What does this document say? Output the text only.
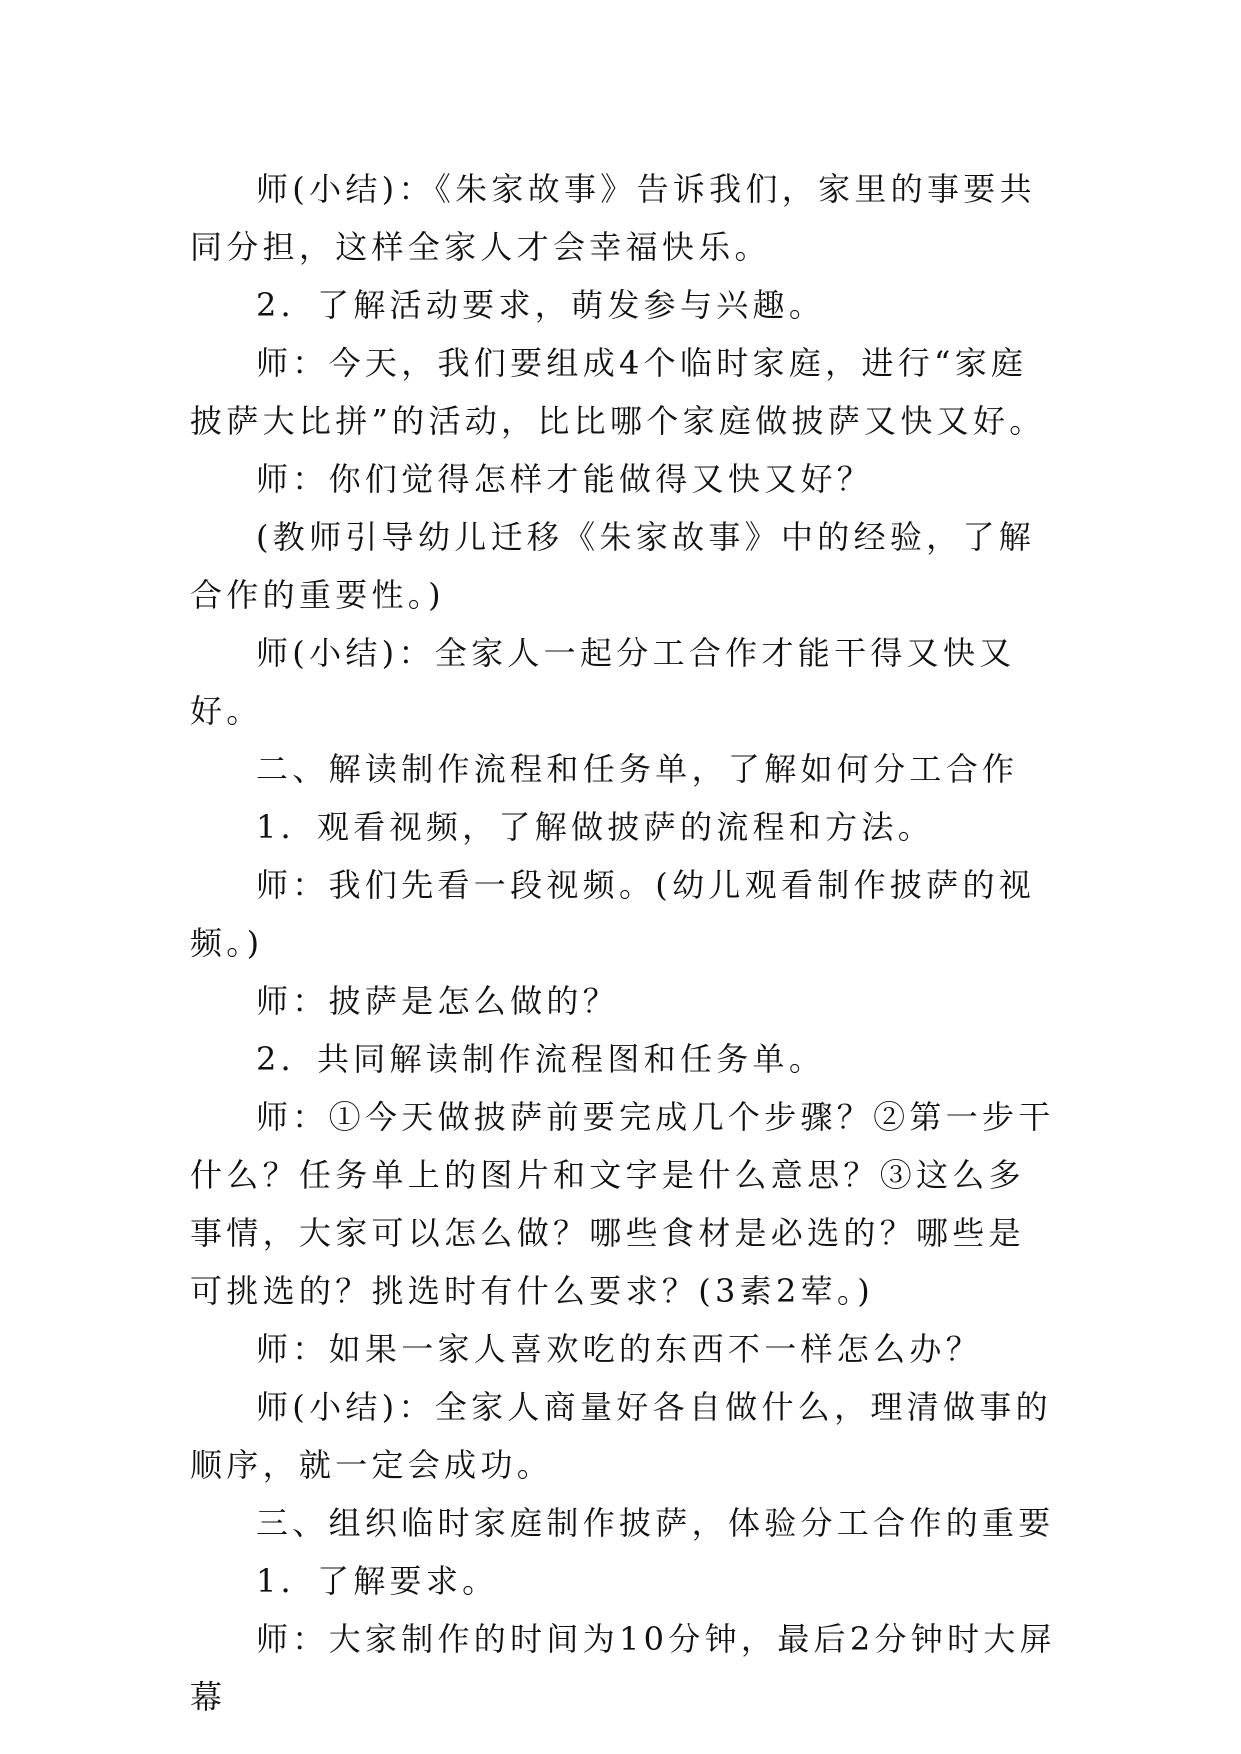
师(小结)：《朱家故事》告诉我们，家里的事要共同分担，这样全家人才会幸福快乐。

2．了解活动要求，萌发参与兴趣。

师：今天，我们要组成4个临时家庭，进行“家庭披萨大比拼”的活动，比比哪个家庭做披萨又快又好。

师：你们觉得怎样才能做得又快又好？

(教师引导幼儿迁移《朱家故事》中的经验，了解合作的重要性。)

师(小结)：全家人一起分工合作才能干得又快又好。

二、解读制作流程和任务单，了解如何分工合作

1．观看视频，了解做披萨的流程和方法。

师：我们先看一段视频。(幼儿观看制作披萨的视频。)

师：披萨是怎么做的？

2．共同解读制作流程图和任务单。

师：①今天做披萨前要完成几个步骤？②第一步干什么？任务单上的图片和文字是什么意思？③这么多事情，大家可以怎么做？哪些食材是必选的？哪些是可挑选的？挑选时有什么要求？(3素2荤。)

师：如果一家人喜欢吃的东西不一样怎么办？

师(小结)：全家人商量好各自做什么，理清做事的顺序，就一定会成功。

三、组织临时家庭制作披萨，体验分工合作的重要

1．了解要求。

师：大家制作的时间为10分钟，最后2分钟时大屏幕
